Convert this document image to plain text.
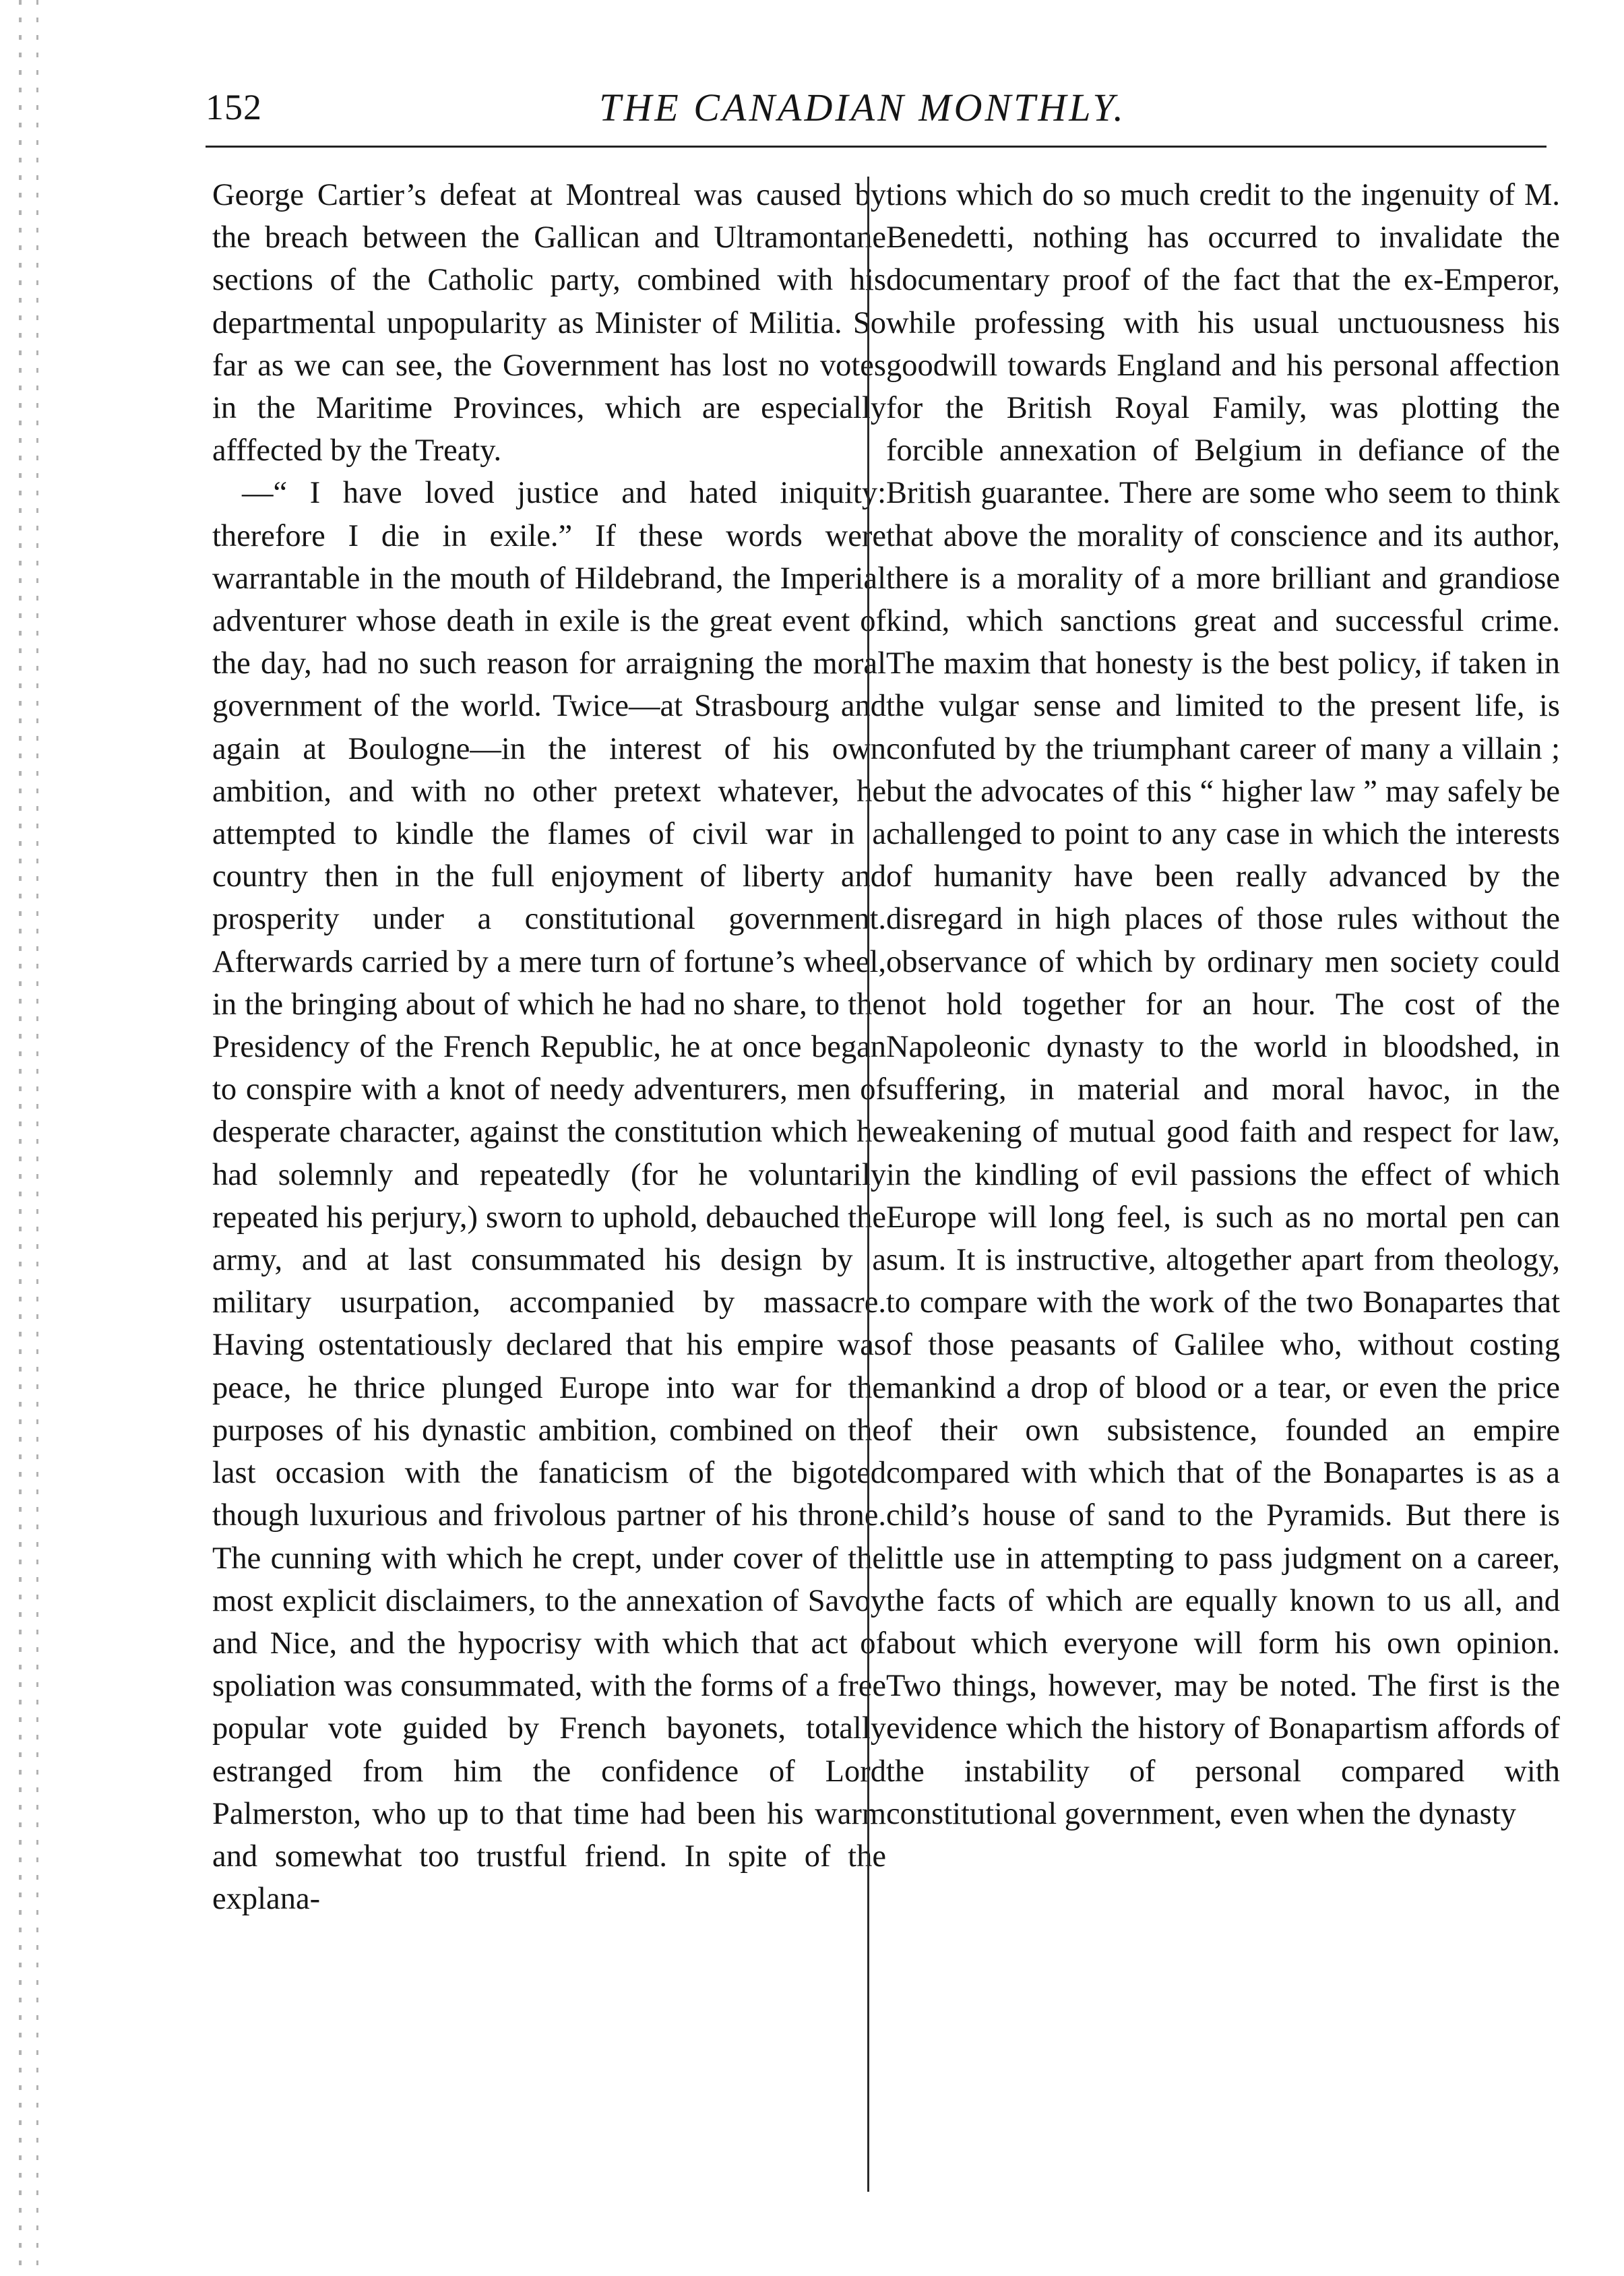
152	THE CANADIAN MONTHLY.

George Cartier’s defeat at Montreal was caused by the breach between the Gallican and Ultramontane sections of the Catholic party, combined with his departmental unpopularity as Minister of Militia. So far as we can see, the Government has lost no votes in the Maritime Provinces, which are especially afffected by the Treaty.

—“ I have loved justice and hated iniquity: therefore I die in exile.” If these words were warrantable in the mouth of Hildebrand, the Imperial adventurer whose death in exile is the great event of the day, had no such reason for arraigning the moral government of the world. Twice—at Strasbourg and again at Boulogne—in the interest of his own ambition, and with no other pretext whatever, he attempted to kindle the flames of civil war in a country then in the full enjoyment of liberty and prosperity under a constitutional government. Afterwards carried by a mere turn of fortune’s wheel, in the bringing about of which he had no share, to the Presidency of the French Republic, he at once began to conspire with a knot of needy adventurers, men of desperate character, against the constitution which he had solemnly and repeatedly (for he voluntarily repeated his perjury,) sworn to uphold, debauched the army, and at last consummated his design by a military usurpation, accompanied by massacre. Having ostentatiously declared that his empire was peace, he thrice plunged Europe into war for the purposes of his dynastic ambition, combined on the last occasion with the fanaticism of the bigoted though luxurious and frivolous partner of his throne. The cunning with which he crept, under cover of the most explicit disclaimers, to the annexation of Savoy and Nice, and the hypocrisy with which that act of spoliation was consummated, with the forms of a free popular vote guided by French bayonets, totally estranged from him the confidence of Lord Palmerston, who up to that time had been his warm and somewhat too trustful friend. In spite of the explana-

tions which do so much credit to the ingenuity of M. Benedetti, nothing has occurred to invalidate the documentary proof of the fact that the ex-Emperor, while professing with his usual unctuousness his goodwill towards England and his personal affection for the British Royal Family, was plotting the forcible annexation of Belgium in defiance of the British guarantee. There are some who seem to think that above the morality of conscience and its author, there is a morality of a more brilliant and grandiose kind, which sanctions great and successful crime. The maxim that honesty is the best policy, if taken in the vulgar sense and limited to the present life, is confuted by the triumphant career of many a villain ; but the advocates of this “ higher law ” may safely be challenged to point to any case in which the interests of humanity have been really advanced by the disregard in high places of those rules without the observance of which by ordinary men society could not hold together for an hour. The cost of the Napoleonic dynasty to the world in bloodshed, in suffering, in material and moral havoc, in the weakening of mutual good faith and respect for law, in the kindling of evil passions the effect of which Europe will long feel, is such as no mortal pen can sum. It is instructive, altogether apart from theology, to compare with the work of the two Bonapartes that of those peasants of Galilee who, without costing mankind a drop of blood or a tear, or even the price of their own subsistence, founded an empire compared with which that of the Bonapartes is as a child’s house of sand to the Pyramids. But there is little use in attempting to pass judgment on a career, the facts of which are equally known to us all, and about which everyone will form his own opinion. Two things, however, may be noted. The first is the evidence which the history of Bonapartism affords of the instability of personal compared with constitutional government, even when the dynasty
